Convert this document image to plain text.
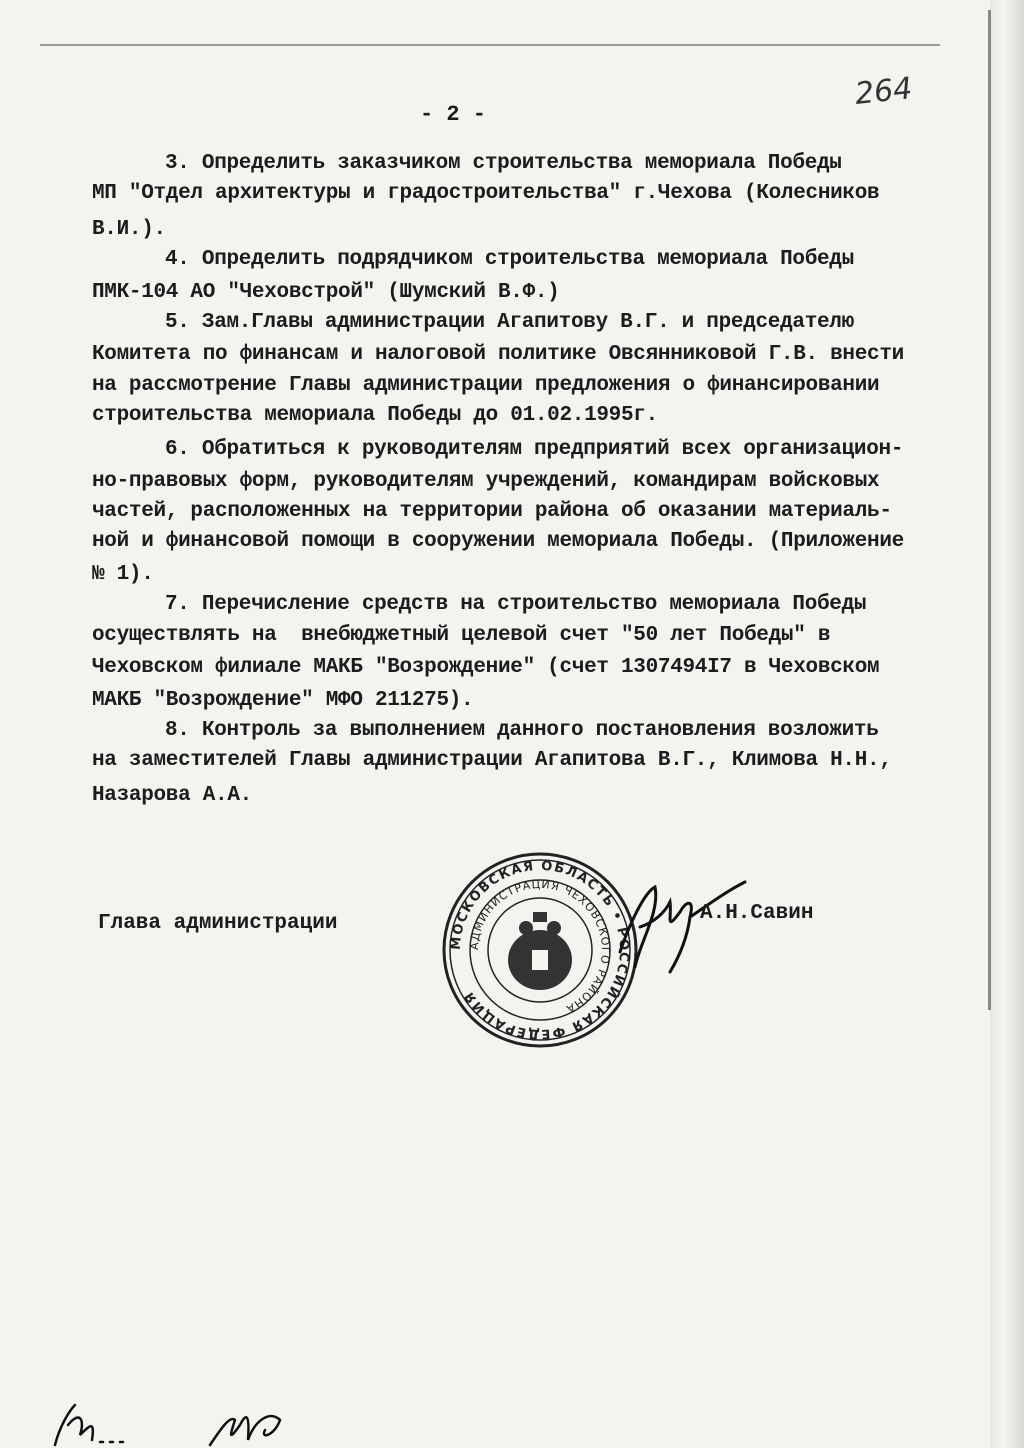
264
- 2 -
3. Определить заказчиком строительства мемориала Победы
МП "Отдел архитектуры и градостроительства" г.Чехова (Колесников
В.И.).
4. Определить подрядчиком строительства мемориала Победы
ПМК-104 АО "Чеховстрой" (Шумский В.Ф.)
5. Зам.Главы администрации Агапитову В.Г. и председателю
Комитета по финансам и налоговой политике Овсянниковой Г.В. внести
на рассмотрение Главы администрации предложения о финансировании
строительства мемориала Победы до 01.02.1995г.
6. Обратиться к руководителям предприятий всех организацион-
но-правовых форм, руководителям учреждений, командирам войсковых
частей, расположенных на территории района об оказании материаль-
ной и финансовой помощи в сооружении мемориала Победы. (Приложение
№ 1).
7. Перечисление средств на строительство мемориала Победы
осуществлять на  внебюджетный целевой счет "50 лет Победы" в
Чеховском филиале МАКБ "Возрождение" (счет 1307494I7 в Чеховском
МАКБ "Возрождение" МФО 211275).
8. Контроль за выполнением данного постановления возложить
на заместителей Главы администрации Агапитова В.Г., Климова Н.Н.,
Назарова А.А.
Глава администрации
МОСКОВСКАЯ ОБЛАСТЬ • РОССИЙСКАЯ ФЕДЕРАЦИЯ
АДМИНИСТРАЦИЯ ЧЕХОВСКОГО РАЙОНА
А.Н.Савин
